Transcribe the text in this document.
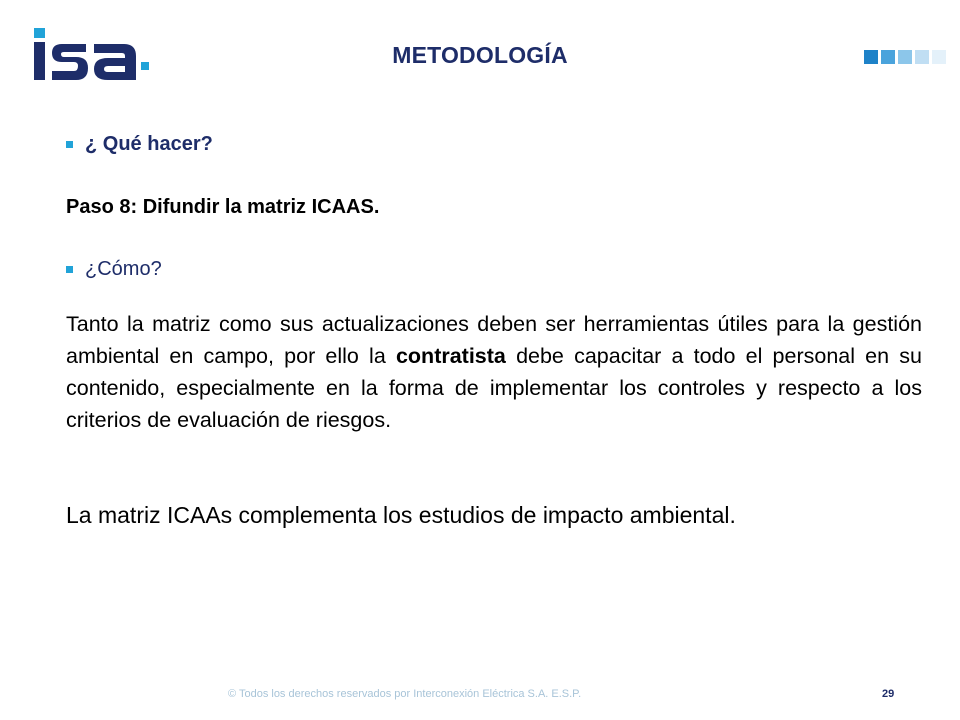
METODOLOGÍA
¿ Qué hacer?
Paso 8: Difundir la matriz ICAAS.
¿Cómo?
Tanto la matriz como sus actualizaciones deben ser herramientas útiles para la gestión ambiental en campo, por ello la contratista debe capacitar a todo el personal en su contenido, especialmente en la forma de implementar los controles y respecto a los criterios de evaluación de riesgos.
La matriz ICAAs complementa los estudios de impacto ambiental.
© Todos los derechos reservados por Interconexión Eléctrica S.A. E.S.P.	29
